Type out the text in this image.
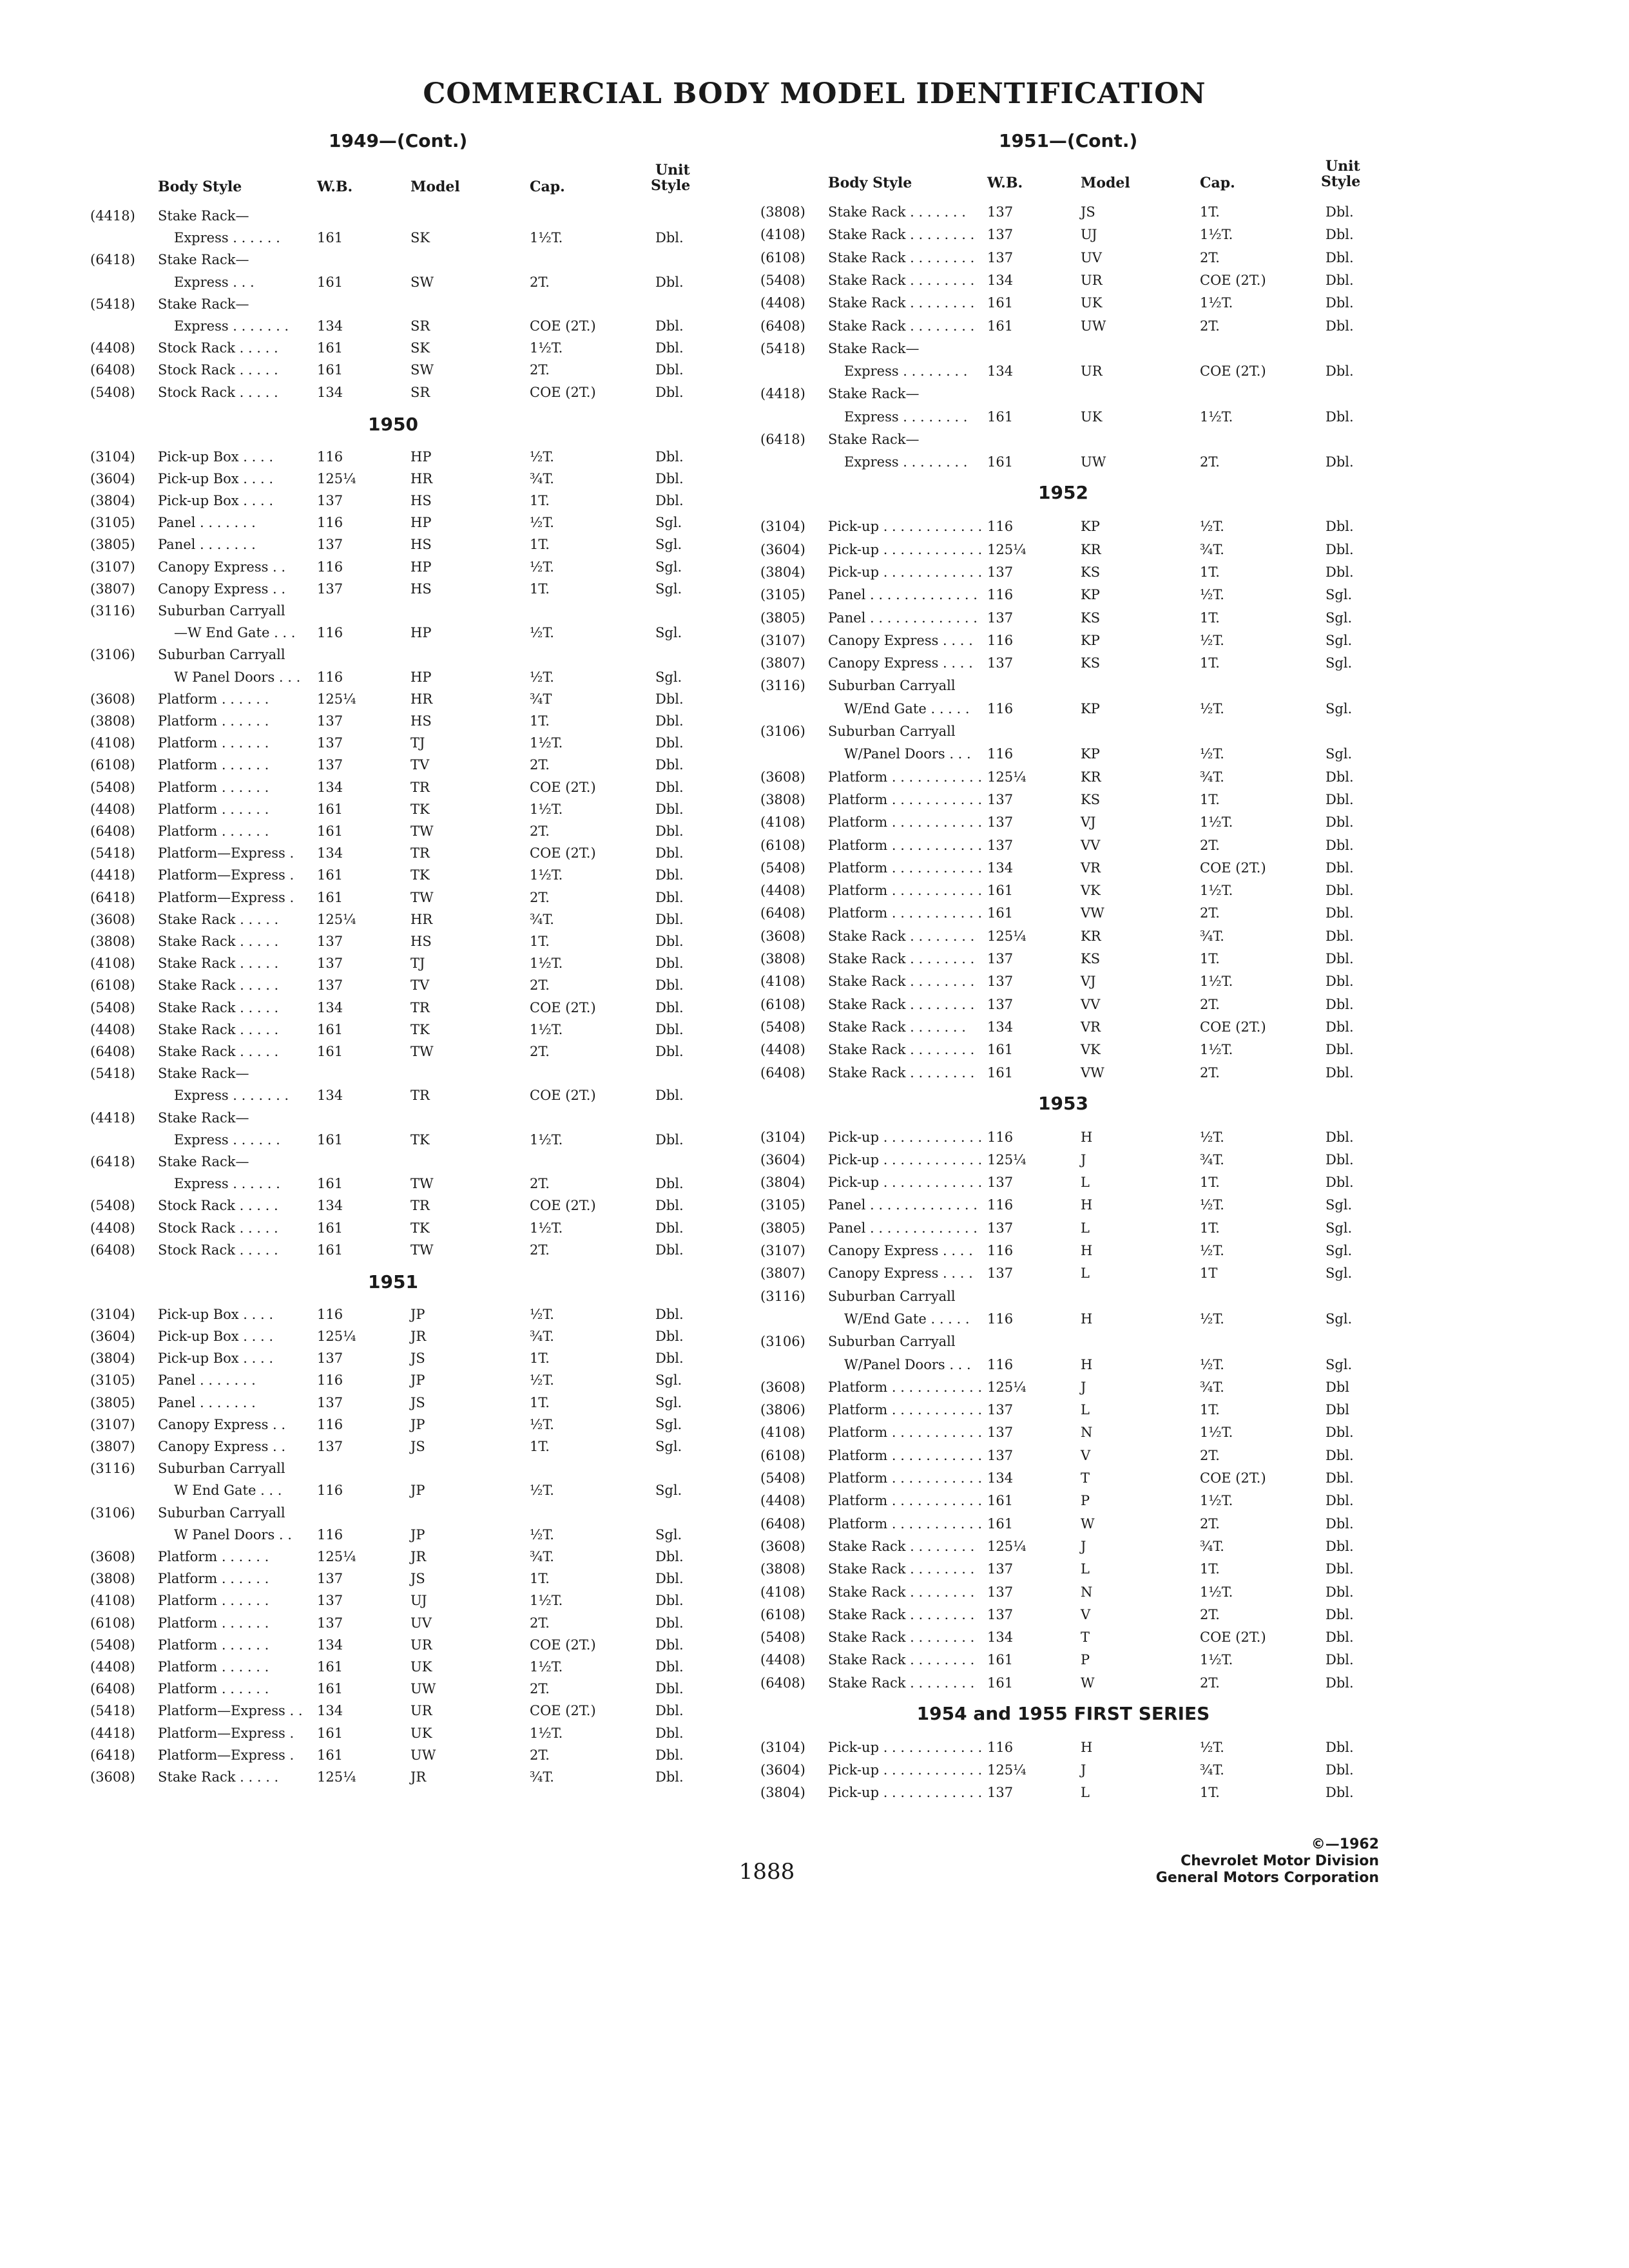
COMMERCIAL BODY MODEL IDENTIFICATION
1949—(Cont.)
Body Style	W.B.	Model	Cap.
Unit
Style
(4418) Stake Rack—
Express . . . . . .	161	SK	1½T.	Dbl.
(6418) Stake Rack—
Express . . .	161	SW	2T.	Dbl.
(5418) Stake Rack—
Express . . . . . . . 134	SR	COE (2T.)	Dbl.
(4408) Stock Rack . . . . .	161	SK	1½T.	Dbl.
(6408) Stock Rack . . . . .	161	SW	2T.	Dbl.
(5408) Stock Rack . . . . .	134	SR	COE (2T.)	Dbl.
1950
(3104) Pick-up Box . . . .	116	HP	½T.	Dbl.
(3604) Pick-up Box . . . .	125¼	HR	¾T.	Dbl.
(3804) Pick-up Box . . . .	137	HS	1T.	Dbl.
(3105) Panel . . . . . . .	116	HP	½T.	Sgl.
(3805) Panel . . . . . . .	137	HS	1T.	Sgl.
(3107) Canopy Express . . 116	HP	½T.	Sgl.
(3807) Canopy Express . . 137	HS	1T.	Sgl.
(3116) Suburban Carryall
—W End Gate . . . 116	HP	½T.	Sgl.
(3106) Suburban Carryall
W Panel Doors . . . 116	HP	½T.	Sgl.
(3608) Platform . . . . . .	125¼	HR	¾T	Dbl.
(3808) Platform . . . . . .	137	HS	1T.	Dbl.
(4108) Platform . . . . . .	137	TJ	1½T.	Dbl.
(6108) Platform . . . . . .	137	TV	2T.	Dbl.
(5408) Platform . . . . . .	134	TR	COE (2T.)	Dbl.
(4408) Platform . . . . . .	161	TK	1½T.	Dbl.
(6408) Platform . . . . . .	161	TW	2T.	Dbl.
(5418) Platform—Express . 134	TR	COE (2T.)	Dbl.
(4418) Platform—Express . 161	TK	1½T.	Dbl.
(6418) Platform—Express . 161	TW	2T.	Dbl.
(3608) Stake Rack . . . . .	125¼	HR	¾T.	Dbl.
(3808) Stake Rack . . . . .	137	HS	1T.	Dbl.
(4108) Stake Rack . . . . .	137	TJ	1½T.	Dbl.
(6108) Stake Rack . . . . .	137	TV	2T.	Dbl.
(5408) Stake Rack . . . . .	134	TR	COE (2T.)	Dbl.
(4408) Stake Rack . . . . .	161	TK	1½T.	Dbl.
(6408) Stake Rack . . . . .	161	TW	2T.	Dbl.
(5418) Stake Rack—
Express . . . . . . . 134	TR	COE (2T.)	Dbl.
(4418) Stake Rack—
Express . . . . . .	161	TK	1½T.	Dbl.
(6418) Stake Rack—
Express . . . . . .	161	TW	2T.	Dbl.
(5408) Stock Rack . . . . .	134	TR	COE (2T.)	Dbl.
(4408) Stock Rack . . . . .	161	TK	1½T.	Dbl.
(6408) Stock Rack . . . . .	161	TW	2T.	Dbl.
1951
(3104) Pick-up Box . . . .	116	JP	½T.	Dbl.
(3604) Pick-up Box . . . .	125¼	JR	¾T.	Dbl.
(3804) Pick-up Box . . . .	137	JS	1T.	Dbl.
(3105) Panel . . . . . . .	116	JP	½T.	Sgl.
(3805) Panel . . . . . . .	137	JS	1T.	Sgl.
(3107) Canopy Express . . 116	JP	½T.	Sgl.
(3807) Canopy Express . . 137	JS	1T.	Sgl.
(3116) Suburban Carryall
W End Gate . . .	116	JP	½T.	Sgl.
(3106) Suburban Carryall
W Panel Doors . . 116	JP	½T.	Sgl.
(3608) Platform . . . . . .	125¼	JR	¾T.	Dbl.
(3808) Platform . . . . . .	137	JS	1T.	Dbl.
(4108) Platform . . . . . .	137	UJ	1½T.	Dbl.
(6108) Platform . . . . . .	137	UV	2T.	Dbl.
(5408) Platform . . . . . .	134	UR	COE (2T.)	Dbl.
(4408) Platform . . . . . .	161	UK	1½T.	Dbl.
(6408) Platform . . . . . .	161	UW	2T.	Dbl.
(5418) Platform—Express . . 134	UR	COE (2T.)	Dbl.
(4418) Platform—Express . 161	UK	1½T.	Dbl.
(6418) Platform—Express . 161	UW	2T.	Dbl.
(3608) Stake Rack . . . . .	125¼	JR	¾T.	Dbl.
1951—(Cont.)
Body Style	W.B.	Model	Cap.
Unit
Style
(3808) Stake Rack . . . . . . . 137	JS	1T.	Dbl.
(4108) Stake Rack . . . . . . . . 137	UJ	1½T.	Dbl.
(6108) Stake Rack . . . . . . . . 137	UV	2T.	Dbl.
(5408) Stake Rack . . . . . . . . 134	UR	COE (2T.)	Dbl.
(4408) Stake Rack . . . . . . . . 161	UK	1½T.	Dbl.
(6408) Stake Rack . . . . . . . . 161	UW	2T.	Dbl.
(5418) Stake Rack—
Express . . . . . . . . 134	UR	COE (2T.)	Dbl.
(4418) Stake Rack—
Express . . . . . . . . 161	UK	1½T.	Dbl.
(6418) Stake Rack—
Express . . . . . . . . 161	UW	2T.	Dbl.
1952
(3104) Pick-up . . . . . . . . . . . . 116	KP	½T.	Dbl.
(3604) Pick-up . . . . . . . . . . . . 125¼	KR	¾T.	Dbl.
(3804) Pick-up . . . . . . . . . . . . 137	KS	1T.	Dbl.
(3105) Panel . . . . . . . . . . . . . 116	KP	½T.	Sgl.
(3805) Panel . . . . . . . . . . . . . 137	KS	1T.	Sgl.
(3107) Canopy Express . . . . 116	KP	½T.	Sgl.
(3807) Canopy Express . . . . 137	KS	1T.	Sgl.
(3116) Suburban Carryall
W/End Gate . . . . . 116	KP	½T.	Sgl.
(3106) Suburban Carryall
W/Panel Doors . . . 116	KP	½T.	Sgl.
(3608) Platform . . . . . . . . . . . 125¼	KR	¾T.	Dbl.
(3808) Platform . . . . . . . . . . . 137	KS	1T.	Dbl.
(4108) Platform . . . . . . . . . . . 137	VJ	1½T.	Dbl.
(6108) Platform . . . . . . . . . . . 137	VV	2T.	Dbl.
(5408) Platform . . . . . . . . . . . 134	VR	COE (2T.)	Dbl.
(4408) Platform . . . . . . . . . . . 161	VK	1½T.	Dbl.
(6408) Platform . . . . . . . . . . . 161	VW	2T.	Dbl.
(3608) Stake Rack . . . . . . . . 125¼	KR	¾T.	Dbl.
(3808) Stake Rack . . . . . . . . 137	KS	1T.	Dbl.
(4108) Stake Rack . . . . . . . . 137	VJ	1½T.	Dbl.
(6108) Stake Rack . . . . . . . . 137	VV	2T.	Dbl.
(5408) Stake Rack . . . . . . . 134	VR	COE (2T.)	Dbl.
(4408) Stake Rack . . . . . . . . 161	VK	1½T.	Dbl.
(6408) Stake Rack . . . . . . . . 161	VW	2T.	Dbl.
1953
(3104) Pick-up . . . . . . . . . . . . 116	H	½T.	Dbl.
(3604) Pick-up . . . . . . . . . . . . 125¼	J	¾T.	Dbl.
(3804) Pick-up . . . . . . . . . . . . 137	L	1T.	Dbl.
(3105) Panel . . . . . . . . . . . . . 116	H	½T.	Sgl.
(3805) Panel . . . . . . . . . . . . . 137	L	1T.	Sgl.
(3107) Canopy Express . . . . 116	H	½T.	Sgl.
(3807) Canopy Express . . . . 137	L	1T	Sgl.
(3116) Suburban Carryall
W/End Gate . . . . . 116	H	½T.	Sgl.
(3106) Suburban Carryall
W/Panel Doors . . . 116	H	½T.	Sgl.
(3608) Platform . . . . . . . . . . . 125¼	J	¾T.	Dbl
(3806) Platform . . . . . . . . . . . 137	L	1T.	Dbl
(4108) Platform . . . . . . . . . . . 137	N	1½T.	Dbl.
(6108) Platform . . . . . . . . . . . 137	V	2T.	Dbl.
(5408) Platform . . . . . . . . . . . 134	T	COE (2T.)	Dbl.
(4408) Platform . . . . . . . . . . . 161	P	1½T.	Dbl.
(6408) Platform . . . . . . . . . . . 161	W	2T.	Dbl.
(3608) Stake Rack . . . . . . . . 125¼	J	¾T.	Dbl.
(3808) Stake Rack . . . . . . . . 137	L	1T.	Dbl.
(4108) Stake Rack . . . . . . . . 137	N	1½T.	Dbl.
(6108) Stake Rack . . . . . . . . 137	V	2T.	Dbl.
(5408) Stake Rack . . . . . . . . 134	T	COE (2T.)	Dbl.
(4408) Stake Rack . . . . . . . . 161	P	1½T.	Dbl.
(6408) Stake Rack . . . . . . . . 161	W	2T.	Dbl.
1954 and 1955 FIRST SERIES
(3104) Pick-up . . . . . . . . . . . . 116	H	½T.	Dbl.
(3604) Pick-up . . . . . . . . . . . . 125¼	J	¾T.	Dbl.
(3804) Pick-up . . . . . . . . . . . . 137	L	1T.	Dbl.
1888
©—1962
Chevrolet Motor Division
General Motors Corporation
